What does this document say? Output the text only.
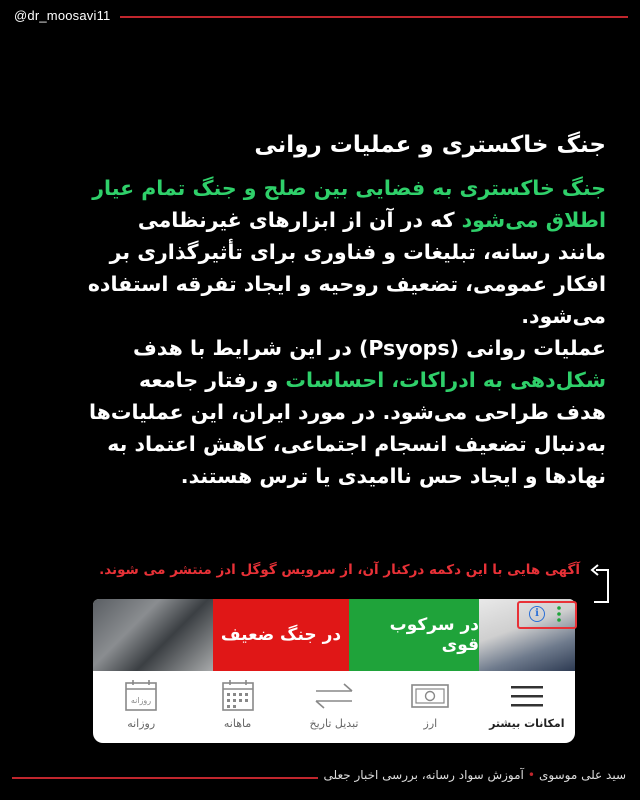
@dr_moosavi11
جنگ خاکستری و عملیات روانی

جنگ خاکستری به فضایی بین صلح و جنگ تمام عیار اطلاق می‌شود که در آن از ابزارهای غیرنظامی مانند رسانه، تبلیغات و فناوری برای تأثیرگذاری بر افکار عمومی، تضعیف روحیه و ایجاد تفرقه استفاده می‌شود.

عملیات روانی (Psyops) در این شرایط با هدف شکل‌دهی به ادراکات، احساسات و رفتار جامعه هدف طراحی می‌شود. در مورد ایران، این عملیات‌ها به‌دنبال تضعیف انسجام اجتماعی، کاهش اعتماد به نهادها و ایجاد حس ناامیدی یا ترس هستند.

آگهی هایی با این دکمه درکنار آن، از سرویس گوگل ادز منتشر می شوند.
در جنگ ضعیف	در سرکوب قوی
i
امکانات بیشتر
ارز
تبدیل تاریخ
ماهانه
روزانه
روزانه
سید علی موسوی•آموزش سواد رسانه، بررسی اخبار جعلی
